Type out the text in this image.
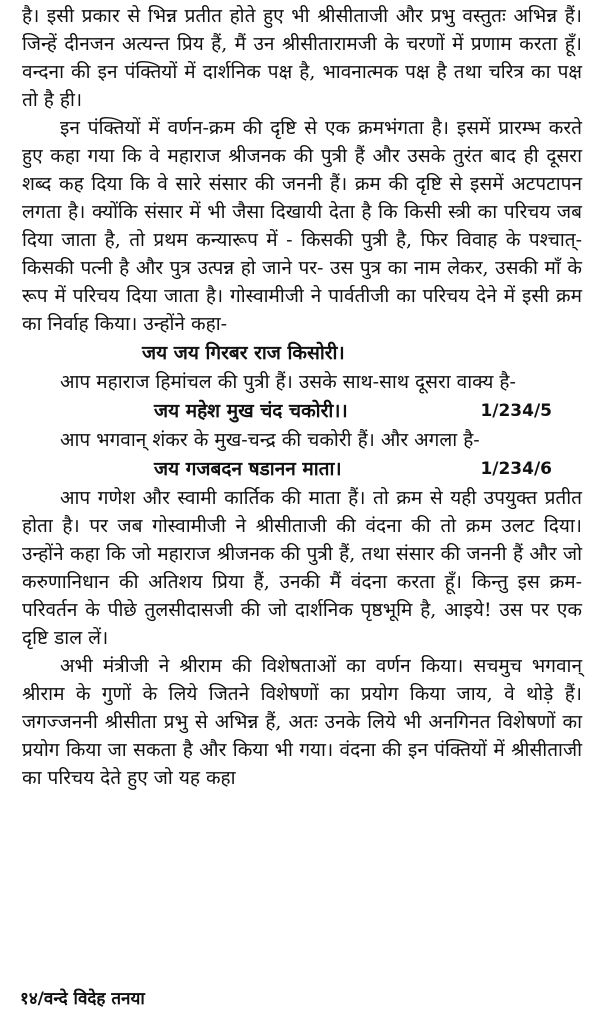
है। इसी प्रकार से भिन्न प्रतीत होते हुए भी श्रीसीताजी और प्रभु वस्तुतः अभिन्न हैं। जिन्हें दीनजन अत्यन्त प्रिय हैं, मैं उन श्रीसीतारामजी के चरणों में प्रणाम करता हूँ। वन्दना की इन पंक्तियों में दार्शनिक पक्ष है, भावनात्मक पक्ष है तथा चरित्र का पक्ष तो है ही।

इन पंक्तियों में वर्णन-क्रम की दृष्टि से एक क्रमभंगता है। इसमें प्रारम्भ करते हुए कहा गया कि वे महाराज श्रीजनक की पुत्री हैं और उसके तुरंत बाद ही दूसरा शब्द कह दिया कि वे सारे संसार की जननी हैं। क्रम की दृष्टि से इसमें अटपटापन लगता है। क्योंकि संसार में भी जैसा दिखायी देता है कि किसी स्त्री का परिचय जब दिया जाता है, तो प्रथम कन्यारूप में - किसकी पुत्री है, फिर विवाह के पश्चात्- किसकी पत्नी है और पुत्र उत्पन्न हो जाने पर- उस पुत्र का नाम लेकर, उसकी माँ के रूप में परिचय दिया जाता है। गोस्वामीजी ने पार्वतीजी का परिचय देने में इसी क्रम का निर्वाह किया। उन्होंने कहा-

जय जय गिरबर राज किसोरी।

आप महाराज हिमांचल की पुत्री हैं। उसके साथ-साथ दूसरा वाक्य है-

जय महेश मुख चंद चकोरी।।	1/234/5

आप भगवान् शंकर के मुख-चन्द्र की चकोरी हैं। और अगला है-

जय गजबदन षडानन माता।	1/234/6

आप गणेश और स्वामी कार्तिक की माता हैं। तो क्रम से यही उपयुक्त प्रतीत होता है। पर जब गोस्वामीजी ने श्रीसीताजी की वंदना की तो क्रम उलट दिया। उन्होंने कहा कि जो महाराज श्रीजनक की पुत्री हैं, तथा संसार की जननी हैं और जो करुणानिधान की अतिशय प्रिया हैं, उनकी मैं वंदना करता हूँ। किन्तु इस क्रम-परिवर्तन के पीछे तुलसीदासजी की जो दार्शनिक पृष्ठभूमि है, आइये! उस पर एक दृष्टि डाल लें।

अभी मंत्रीजी ने श्रीराम की विशेषताओं का वर्णन किया। सचमुच भगवान् श्रीराम के गुणों के लिये जितने विशेषणों का प्रयोग किया जाय, वे थोड़े हैं। जगज्जननी श्रीसीता प्रभु से अभिन्न हैं, अतः उनके लिये भी अनगिनत विशेषणों का प्रयोग किया जा सकता है और किया भी गया। वंदना की इन पंक्तियों में श्रीसीताजी का परिचय देते हुए जो यह कहा

१४/वन्दे विदेह तनया
